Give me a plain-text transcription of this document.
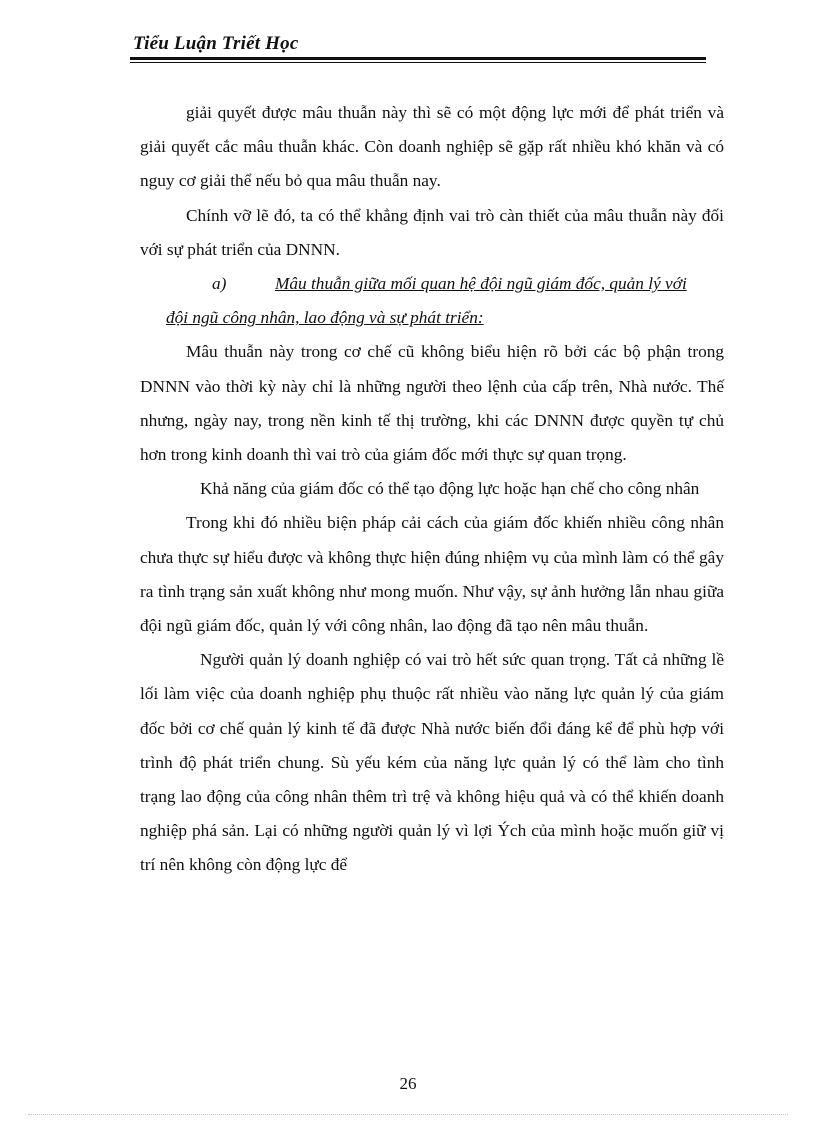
Tiểu Luận Triết Học

giải quyết được mâu thuẫn này thì sẽ có một động lực mới để phát triển và giải quyết cắc mâu thuẫn khác. Còn doanh nghiệp sẽ gặp rất nhiều khó khăn và có nguy cơ giải thể nếu bỏ qua mâu thuẫn nay.

Chính vỡ lẽ đó, ta có thể khẳng định vai trò càn thiết của mâu thuẫn này đối với sự phát triển của DNNN.

a)	Mâu thuẫn giữa mối quan hệ đội ngũ giám đốc, quản lý với
đội ngũ công nhân, lao động và sự phát triển:

Mâu thuẫn này trong cơ chế cũ không biểu hiện rõ bởi các bộ phận trong DNNN vào thời kỳ này chỉ là những người theo lệnh của cấp trên, Nhà nước. Thế nhưng, ngày nay, trong nền kinh tế thị trường, khi các DNNN được quyền tự chủ hơn trong kinh doanh thì vai trò của giám đốc mới thực sự quan trọng.

Khả năng của giám đốc có thể tạo động lực hoặc hạn chế cho công nhân

Trong khi đó nhiều biện pháp cải cách của giám đốc khiến nhiều công nhân chưa thực sự hiểu được và không thực hiện đúng nhiệm vụ của mình làm có thể gây ra tình trạng sản xuất không như mong muốn. Như vậy, sự ảnh hưởng lẫn nhau giữa đội ngũ giám đốc, quản lý với công nhân, lao động đã tạo nên mâu thuẫn.

Người quản lý doanh nghiệp có vai trò hết sức quan trọng. Tất cả những lề lối làm việc của doanh nghiệp phụ thuộc rất nhiều vào năng lực quản lý của giám đốc bởi cơ chế quản lý kinh tế đã được Nhà nước biến đổi đáng kể để phù hợp với trình độ phát triển chung. Sù yếu kém của năng lực quản lý có thể làm cho tình trạng lao động của công nhân thêm trì trệ và không hiệu quả và có thể khiến doanh nghiệp phá sản. Lại có những người quản lý vì lợi Ých của mình hoặc muốn giữ vị trí nên không còn động lực để

26
